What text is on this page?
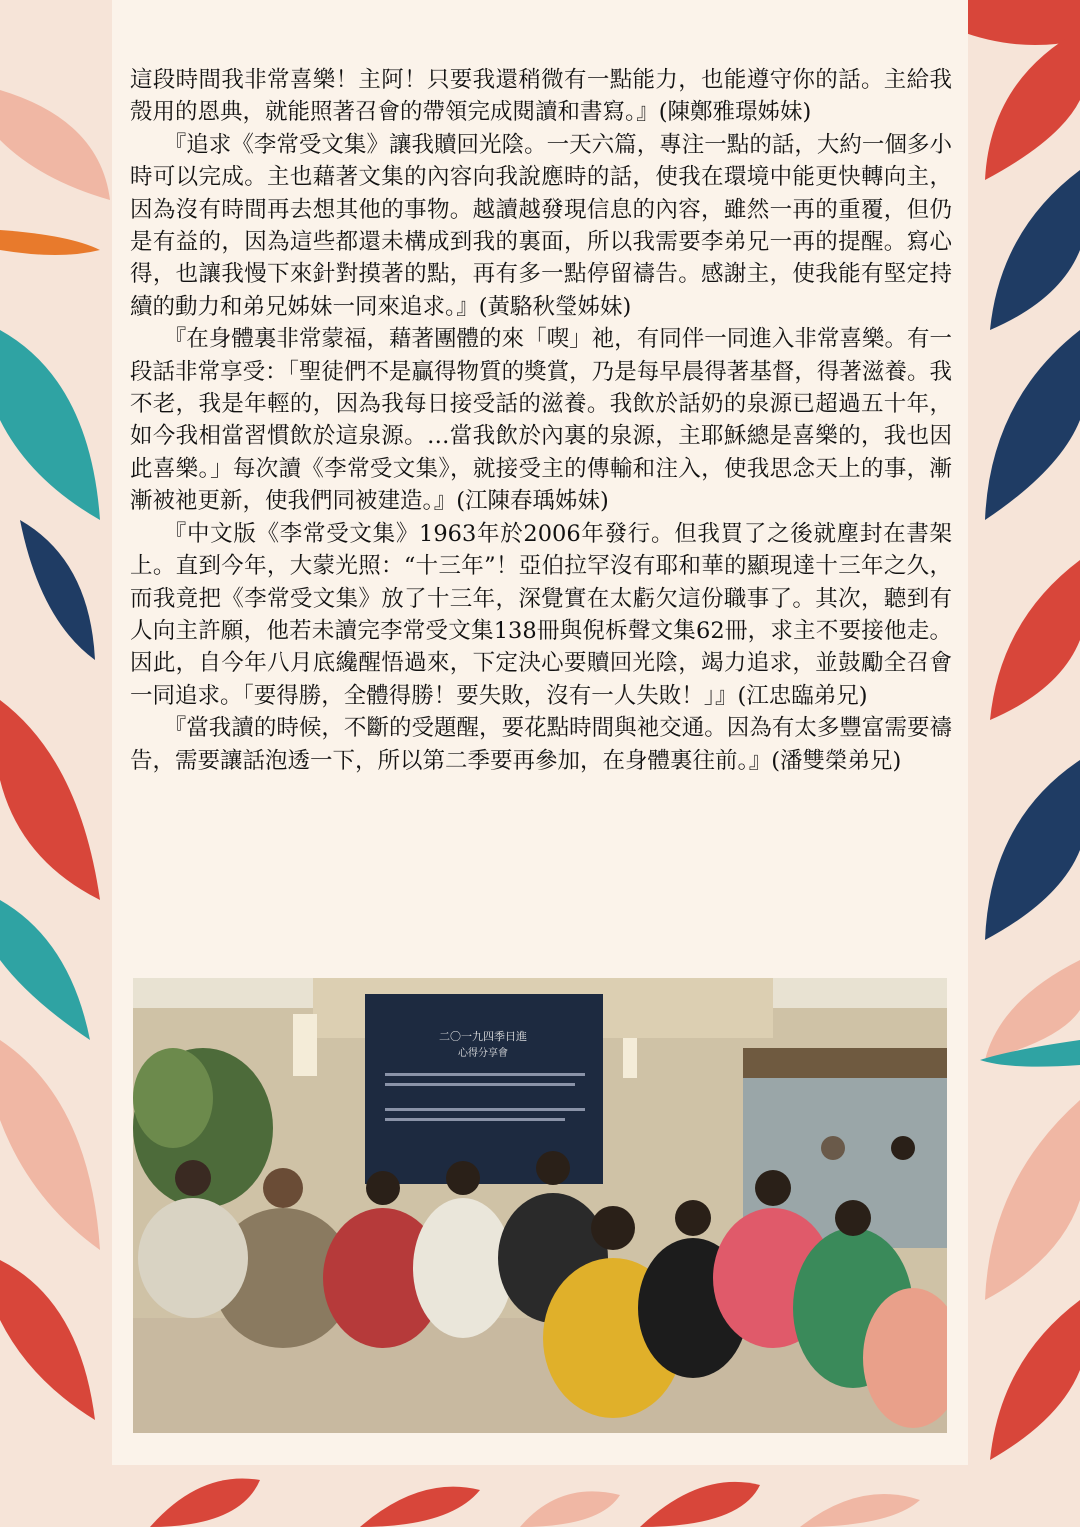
這段時間我非常喜樂！主阿！只要我還稍微有一點能力，也能遵守你的話。主給我殼用的恩典，就能照著召會的帶領完成閱讀和書寫。』(陳鄭雅璟姊妹)

『追求《李常受文集》讓我贖回光陰。一天六篇，專注一點的話，大約一個多小時可以完成。主也藉著文集的內容向我說應時的話，使我在環境中能更快轉向主，因為沒有時間再去想其他的事物。越讀越發現信息的內容，雖然一再的重覆，但仍是有益的，因為這些都還未構成到我的裏面，所以我需要李弟兄一再的提醒。寫心得，也讓我慢下來針對摸著的點，再有多一點停留禱告。感謝主，使我能有堅定持續的動力和弟兄姊妹一同來追求。』(黃駱秋瑩姊妹)

『在身體裏非常蒙福，藉著團體的來「喫」祂，有同伴一同進入非常喜樂。有一段話非常享受：「聖徒們不是贏得物質的獎賞，乃是每早晨得著基督，得著滋養。我不老，我是年輕的，因為我每日接受話的滋養。我飲於話奶的泉源已超過五十年，如今我相當習慣飲於這泉源。…當我飲於內裏的泉源，主耶穌總是喜樂的，我也因此喜樂。」每次讀《李常受文集》，就接受主的傳輸和注入，使我思念天上的事，漸漸被祂更新，使我們同被建造。』(江陳春瑀姊妹)

『中文版《李常受文集》1963年於2006年發行。但我買了之後就塵封在書架上。直到今年，大蒙光照：“十三年”！亞伯拉罕沒有耶和華的顯現達十三年之久，而我竟把《李常受文集》放了十三年，深覺實在太虧欠這份職事了。其次，聽到有人向主許願，他若未讀完李常受文集138冊與倪柝聲文集62冊，求主不要接他走。因此，自今年八月底纔醒悟過來，下定決心要贖回光陰，竭力追求，並鼓勵全召會一同追求。「要得勝，全體得勝！要失敗，沒有一人失敗！」』(江忠臨弟兄)

『當我讀的時候，不斷的受題醒，要花點時間與祂交通。因為有太多豐富需要禱告，需要讓話泡透一下，所以第二季要再參加，在身體裏往前。』(潘雙榮弟兄)

二〇一九四季日進
心得分享會
